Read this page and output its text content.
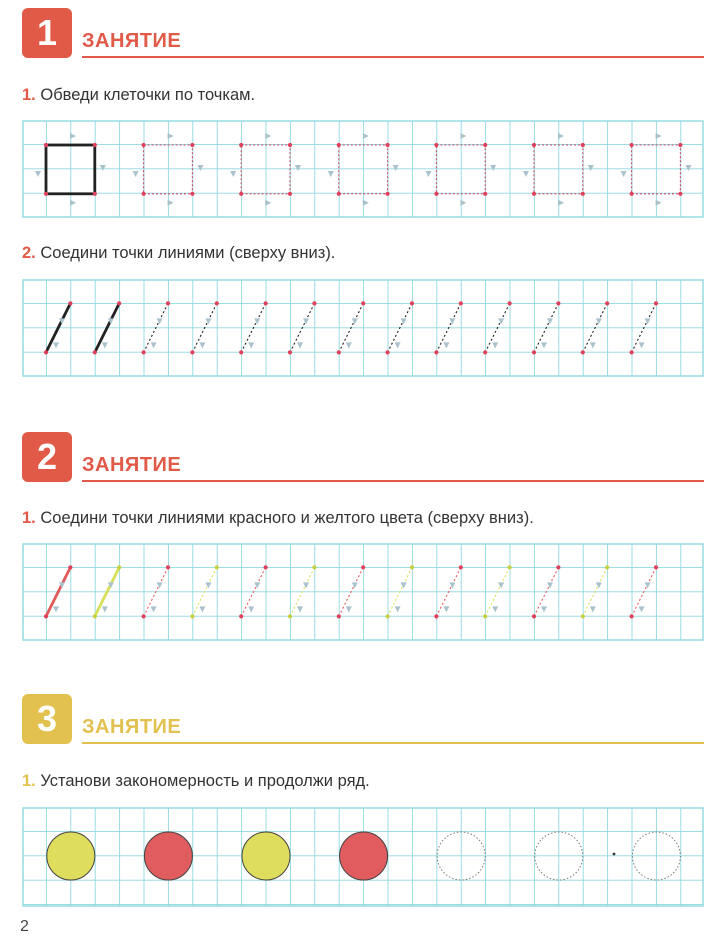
1	ЗАНЯТИЕ
1. Обведи клеточки по точкам.
2. Соедини точки линиями (сверху вниз).
2	ЗАНЯТИЕ
1. Соедини точки линиями красного и желтого цвета (сверху вниз).
3	ЗАНЯТИЕ
1. Установи закономерность и продолжи ряд.
2
